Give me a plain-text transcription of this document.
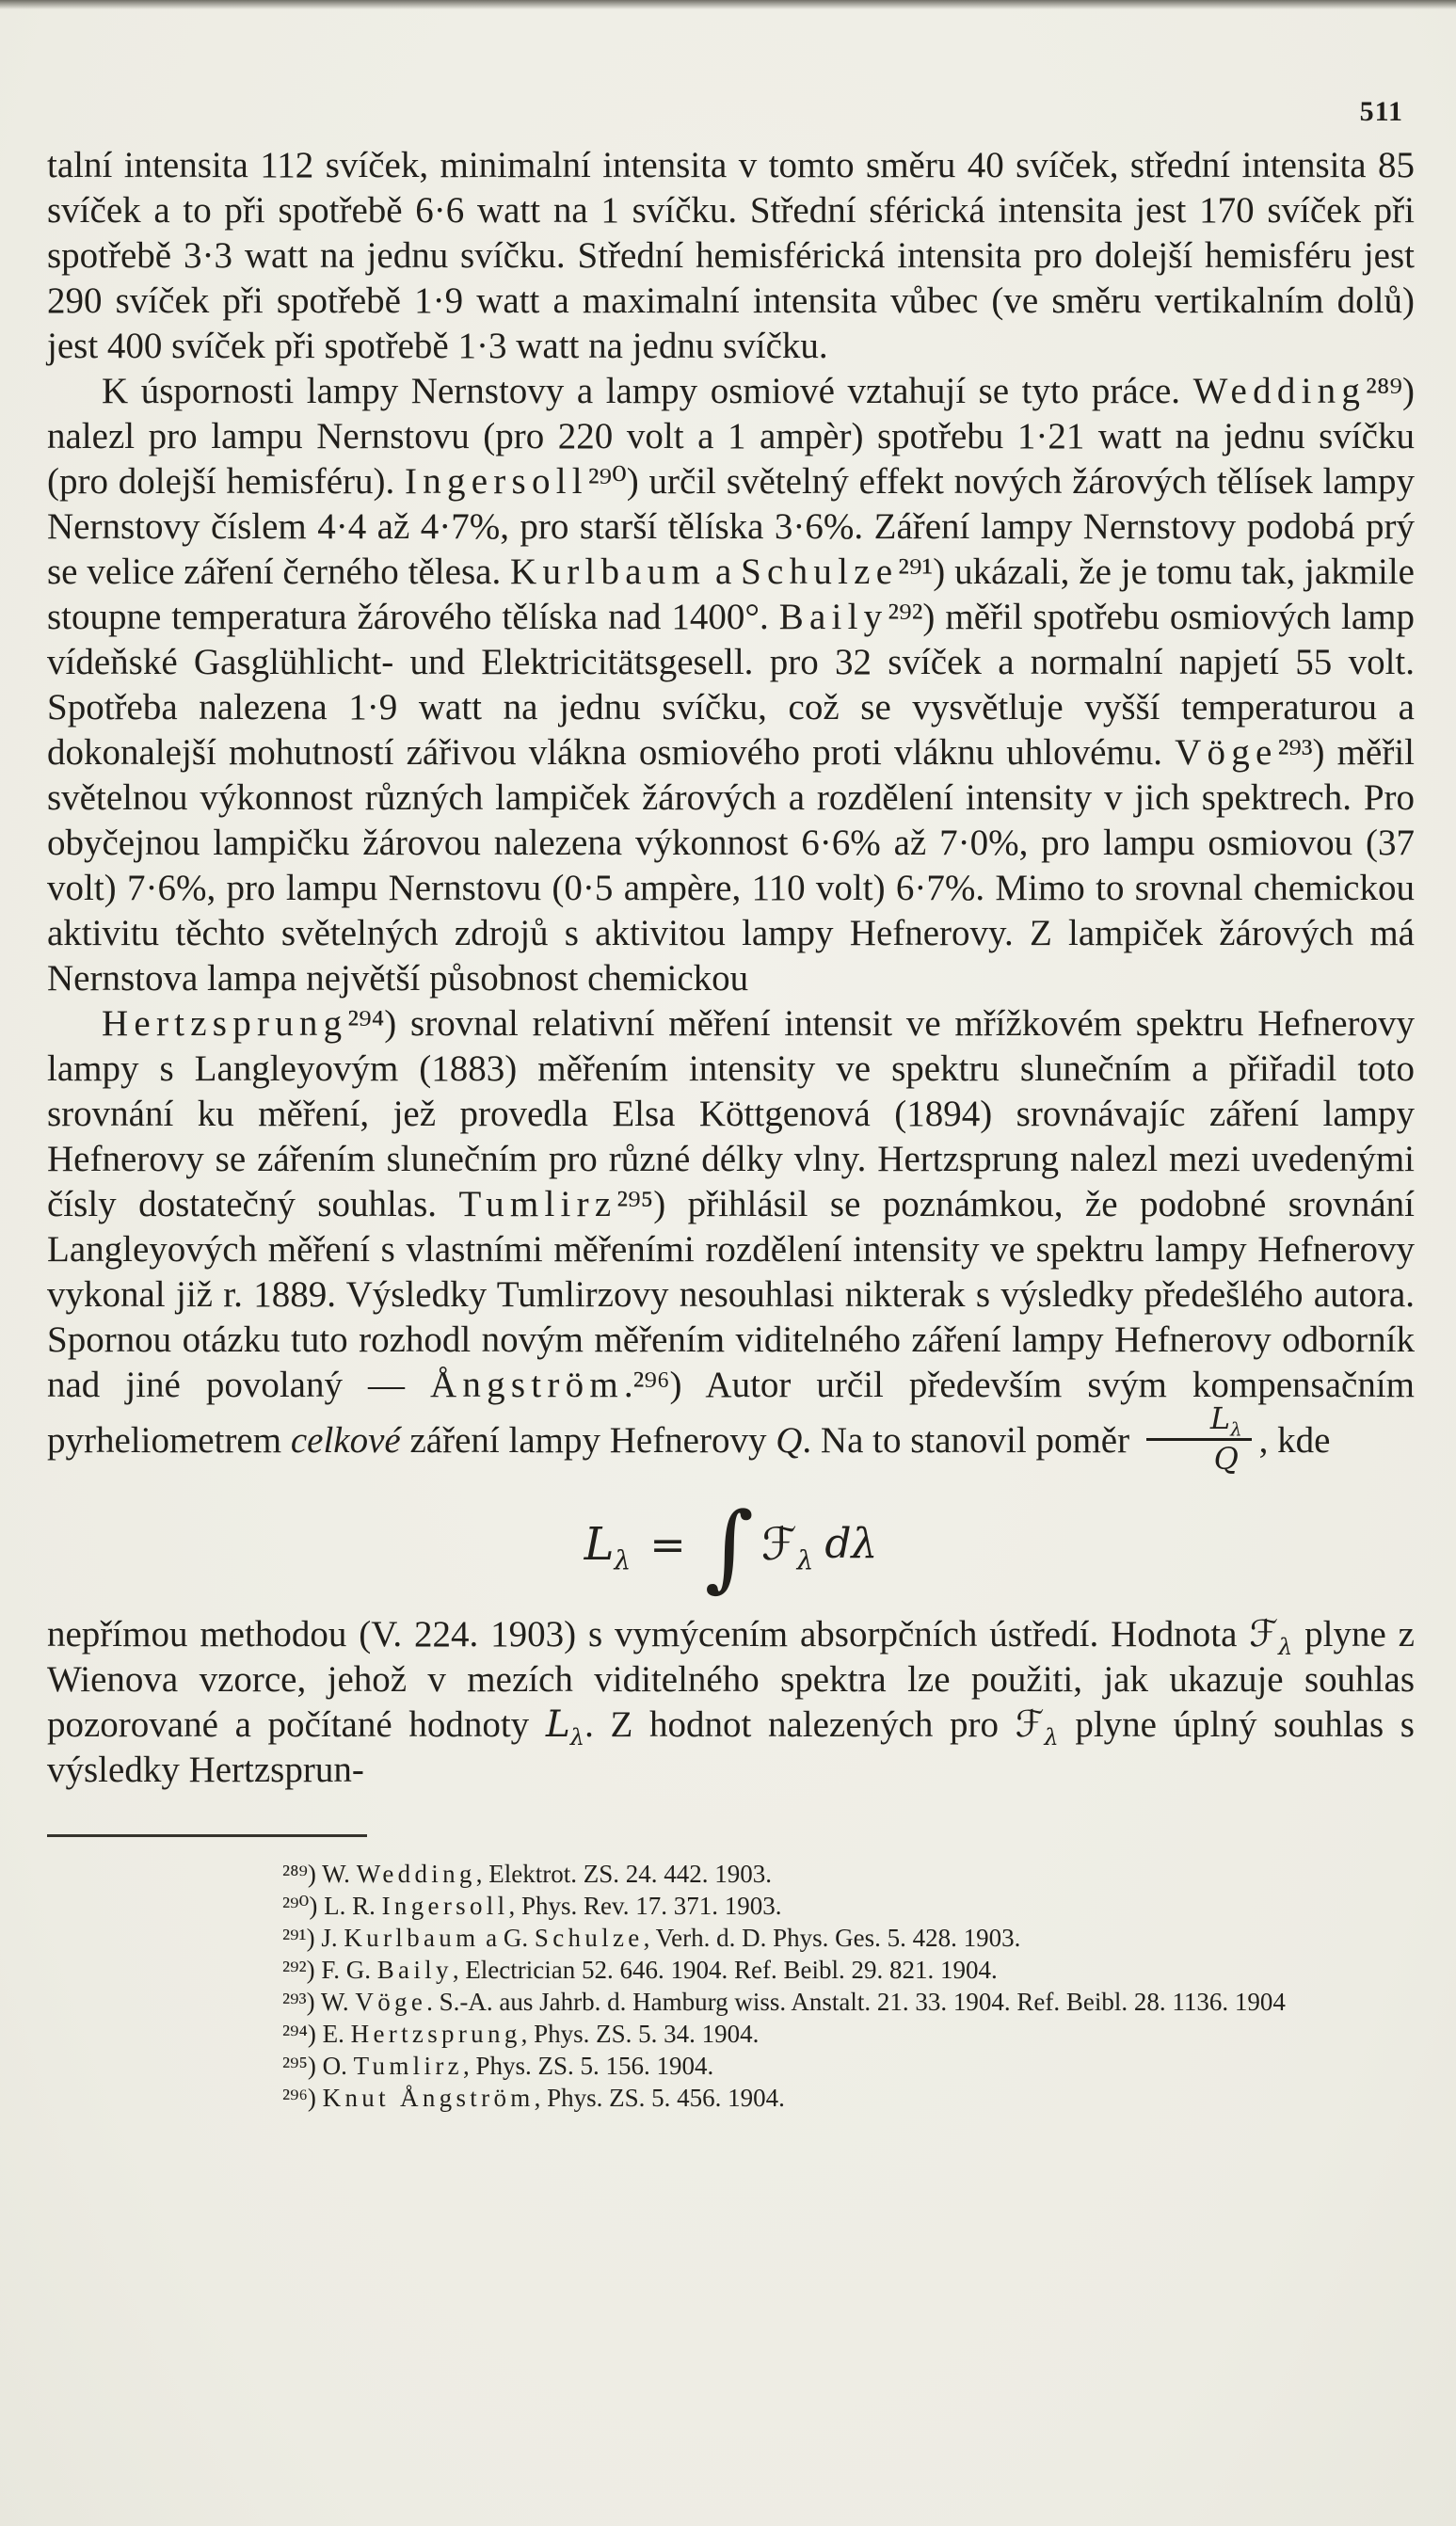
511

talní intensita 112 svíček, minimalní intensita v tomto směru 40 svíček, střední intensita 85 svíček a to při spotřebě 6·6 watt na 1 svíčku. Střední sférická intensita jest 170 svíček při spotřebě 3·3 watt na jednu svíčku. Střední hemisférická intensita pro dolejší hemisféru jest 290 svíček při spotřebě 1·9 watt a maximalní intensita vůbec (ve směru vertikalním dolů) jest 400 svíček při spotřebě 1·3 watt na jednu svíčku.

K úspornosti lampy Nernstovy a lampy osmiové vztahují se tyto práce. Wedding²⁸⁹) nalezl pro lampu Nernstovu (pro 220 volt a 1 ampèr) spotřebu 1·21 watt na jednu svíčku (pro dolejší hemisféru). Ingersoll²⁹⁰) určil světelný effekt nových žárových tělísek lampy Nernstovy číslem 4·4 až 4·7%, pro starší tělíska 3·6%. Záření lampy Nernstovy podobá prý se velice záření černého tělesa. Kurlbaum a Schulze²⁹¹) ukázali, že je tomu tak, jakmile stoupne temperatura žárového tělíska nad 1400°. Baily²⁹²) měřil spotřebu osmiových lamp vídeňské Gasglühlicht- und Elektricitätsgesell. pro 32 svíček a normalní napjetí 55 volt. Spotřeba nalezena 1·9 watt na jednu svíčku, což se vysvětluje vyšší temperaturou a dokonalejší mohutností zářivou vlákna osmiového proti vláknu uhlovému. Vöge²⁹³) měřil světelnou výkonnost různých lampiček žárových a rozdělení intensity v jich spektrech. Pro obyčejnou lampičku žárovou nalezena výkonnost 6·6% až 7·0%, pro lampu osmiovou (37 volt) 7·6%, pro lampu Nernstovu (0·5 ampère, 110 volt) 6·7%. Mimo to srovnal chemickou aktivitu těchto světelných zdrojů s aktivitou lampy Hefnerovy. Z lampiček žárových má Nernstova lampa největší působnost chemickou

Hertzsprung²⁹⁴) srovnal relativní měření intensit ve mřížkovém spektru Hefnerovy lampy s Langleyovým (1883) měřením intensity ve spektru slunečním a přiřadil toto srovnání ku měření, jež provedla Elsa Köttgenová (1894) srovnávajíc záření lampy Hefnerovy se zářením slunečním pro různé délky vlny. Hertzsprung nalezl mezi uvedenými čísly dostatečný souhlas. Tumlirz²⁹⁵) přihlásil se poznámkou, že podobné srovnání Langleyových měření s vlastními měřeními rozdělení intensity ve spektru lampy Hefnerovy vykonal již r. 1889. Výsledky Tumlirzovy nesouhlasi nikterak s výsledky předešlého autora. Spornou otázku tuto rozhodl novým měřením viditelného záření lampy Hefnerovy odborník nad jiné povolaný — Ångström.²⁹⁶) Autor určil především svým kompensačním pyrheliometrem celkové záření lampy Hefnerovy Q. Na to stanovil poměr $\frac{L_\lambda}{Q}$ , kde

$L_\lambda$ = ∫ ℱ$_\lambda$ dλ

nepřímou methodou (V. 224. 1903) s vymýcením absorpčních ústředí. Hodnota ℱ$_\lambda$ plyne z Wienova vzorce, jehož v mezích viditelného spektra lze použiti, jak ukazuje souhlas pozorované a počítané hodnoty $L_\lambda$. Z hodnot nalezených pro ℱ$_\lambda$ plyne úplný souhlas s výsledky Hertzsprun-

²⁸⁹) W. Wedding, Elektrot. ZS. 24. 442. 1903.

²⁹⁰) L. R. Ingersoll, Phys. Rev. 17. 371. 1903.

²⁹¹) J. Kurlbaum a G. Schulze, Verh. d. D. Phys. Ges. 5. 428. 1903.

²⁹²) F. G. Baily, Electrician 52. 646. 1904. Ref. Beibl. 29. 821. 1904.

²⁹³) W. Vöge. S.-A. aus Jahrb. d. Hamburg wiss. Anstalt. 21. 33. 1904. Ref. Beibl. 28. 1136. 1904

²⁹⁴) E. Hertzsprung, Phys. ZS. 5. 34. 1904.

²⁹⁵) O. Tumlirz, Phys. ZS. 5. 156. 1904.

²⁹⁶) Knut Ångström, Phys. ZS. 5. 456. 1904.
